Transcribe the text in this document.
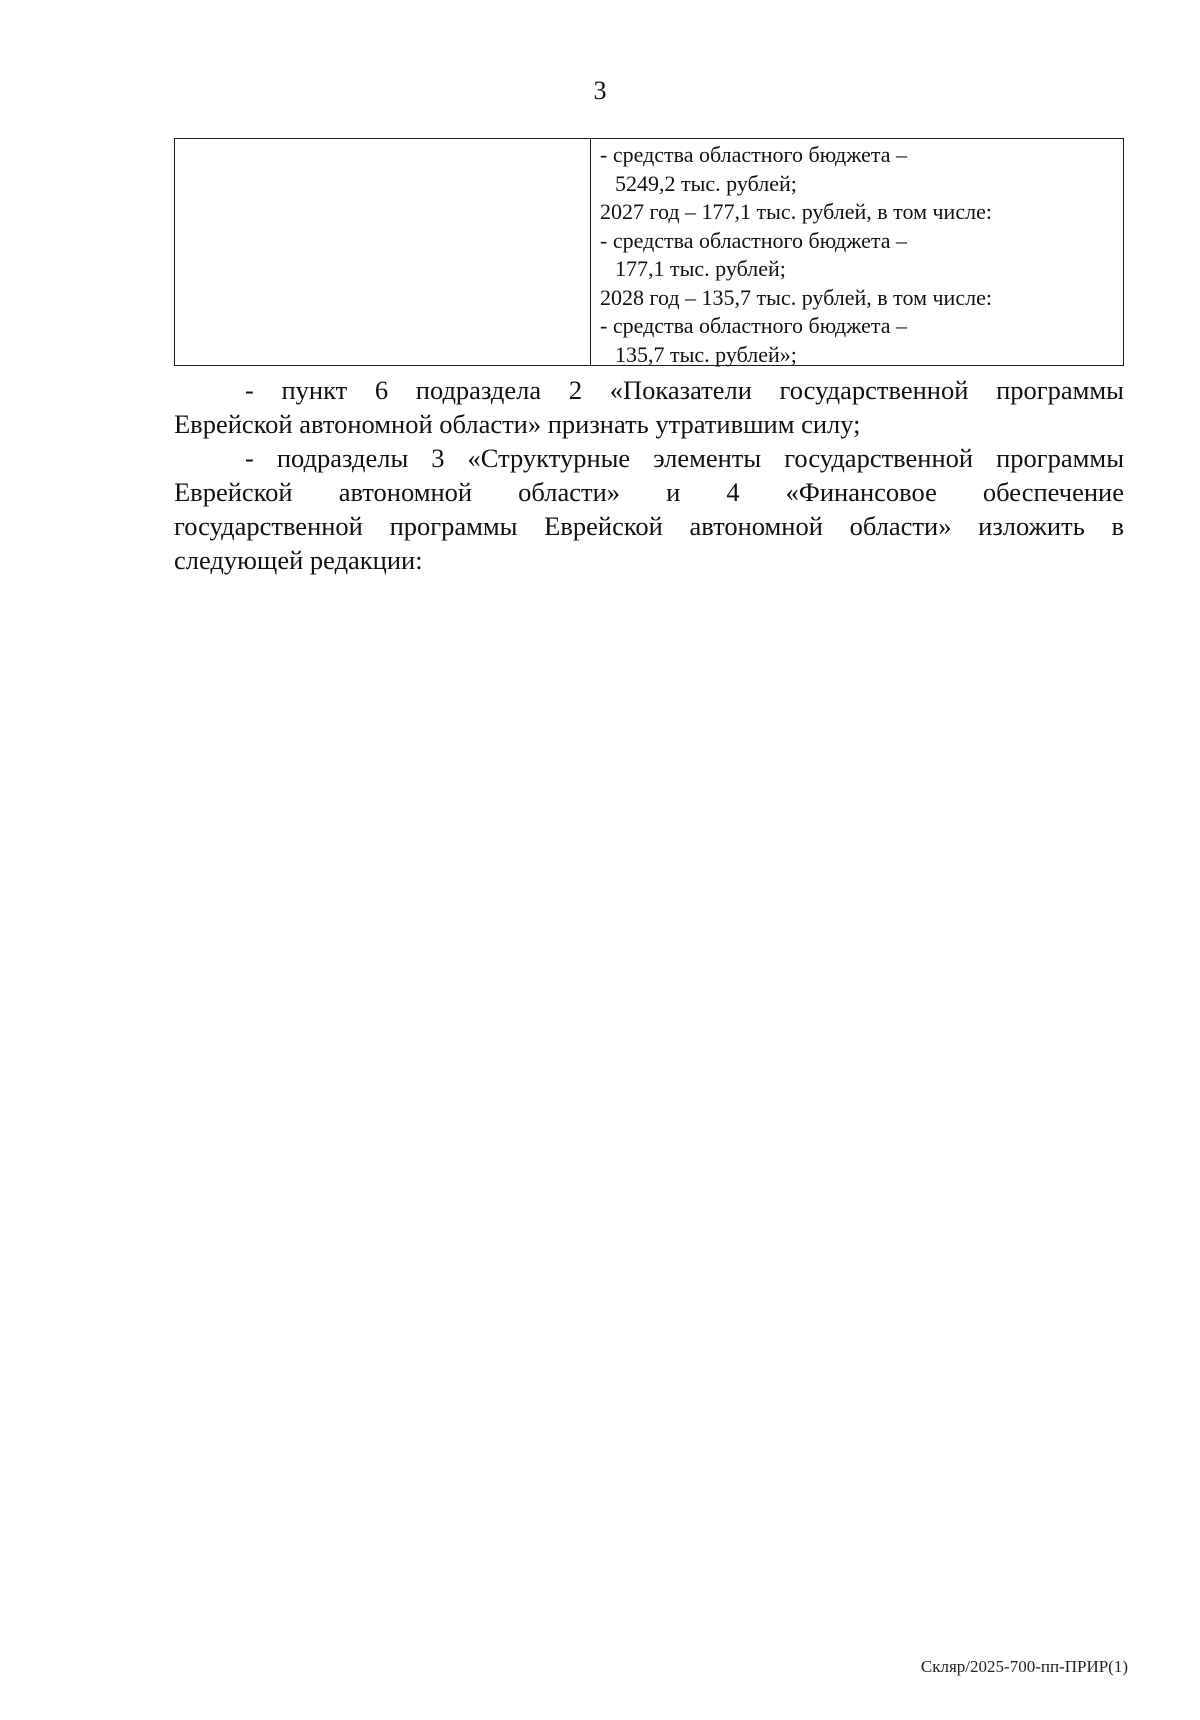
3
- средства областного бюджета –
5249,2 тыс. рублей;
2027 год – 177,1 тыс. рублей, в том числе:
- средства областного бюджета –
177,1 тыс. рублей;
2028 год – 135,7 тыс. рублей, в том числе:
- средства областного бюджета –
135,7 тыс. рублей»;
- пункт 6 подраздела 2 «Показатели государственной программы
Еврейской автономной области» признать утратившим силу;
- подразделы 3 «Структурные элементы государственной программы
Еврейской автономной области» и 4 «Финансовое обеспечение
государственной программы Еврейской автономной области» изложить в
следующей редакции:
Скляр/2025-700-пп-ПРИР(1)
